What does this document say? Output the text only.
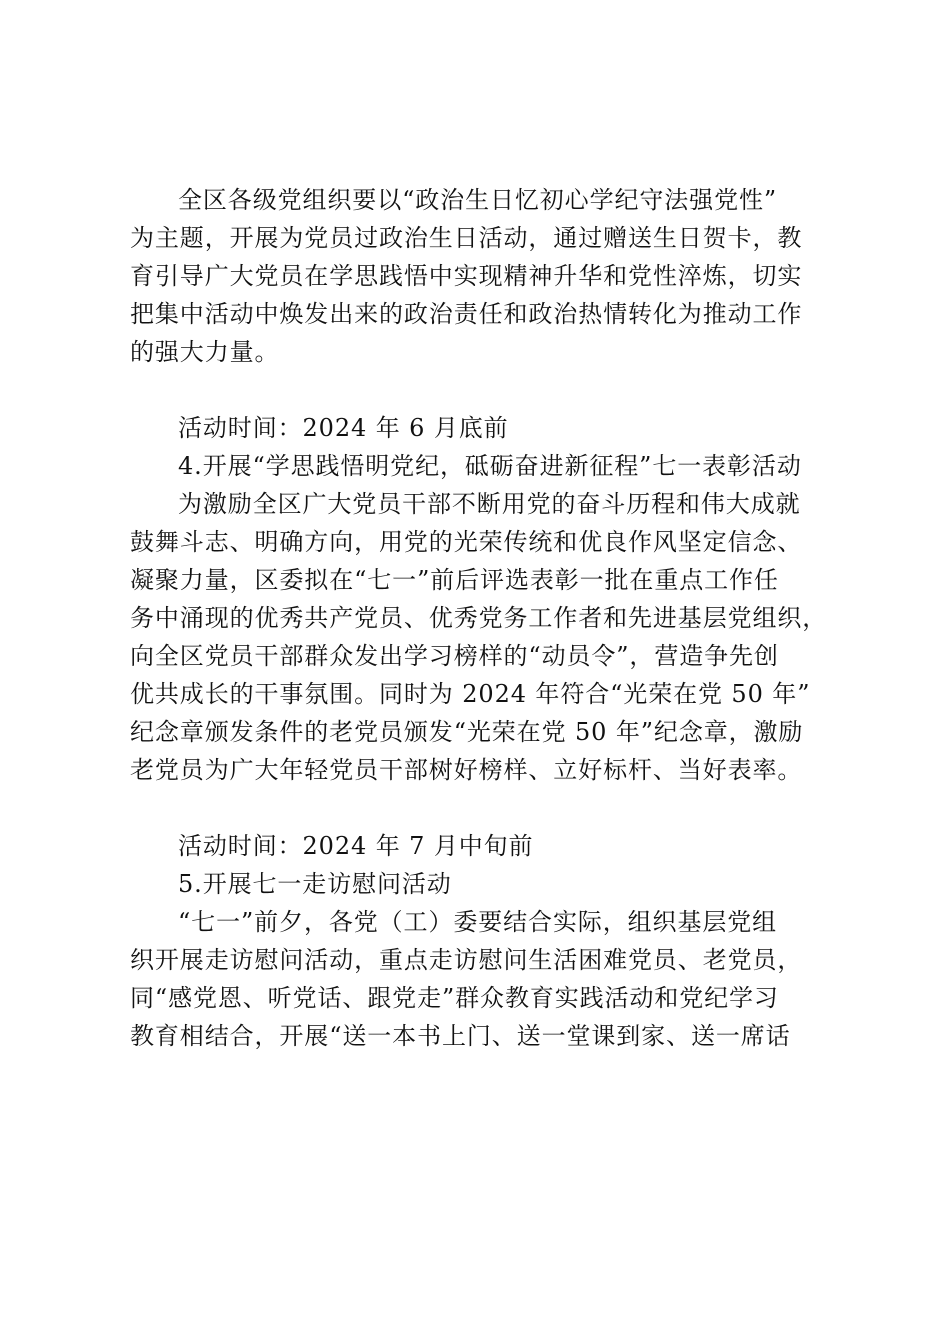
全区各级党组织要以“政治生日忆初心学纪守法强党性”
为主题，开展为党员过政治生日活动，通过赠送生日贺卡，教
育引导广大党员在学思践悟中实现精神升华和党性淬炼，切实
把集中活动中焕发出来的政治责任和政治热情转化为推动工作
的强大力量。
活动时间：2024 年 6 月底前
4.开展“学思践悟明党纪，砥砺奋进新征程”七一表彰活动
为激励全区广大党员干部不断用党的奋斗历程和伟大成就
鼓舞斗志、明确方向，用党的光荣传统和优良作风坚定信念、
凝聚力量，区委拟在“七一”前后评选表彰一批在重点工作任
务中涌现的优秀共产党员、优秀党务工作者和先进基层党组织，
向全区党员干部群众发出学习榜样的“动员令”，营造争先创
优共成长的干事氛围。同时为 2024 年符合“光荣在党 50 年”
纪念章颁发条件的老党员颁发“光荣在党 50 年”纪念章，激励
老党员为广大年轻党员干部树好榜样、立好标杆、当好表率。
活动时间：2024 年 7 月中旬前
5.开展七一走访慰问活动
“七一”前夕，各党（工）委要结合实际，组织基层党组
织开展走访慰问活动，重点走访慰问生活困难党员、老党员，
同“感党恩、听党话、跟党走”群众教育实践活动和党纪学习
教育相结合，开展“送一本书上门、送一堂课到家、送一席话
